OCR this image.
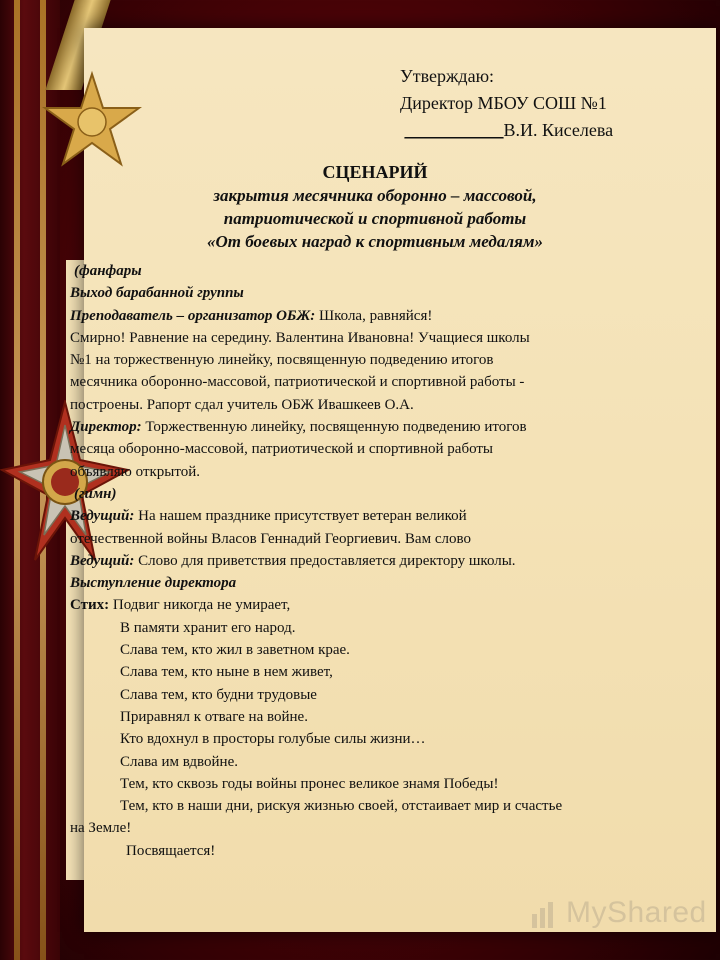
Утверждаю:
Директор МБОУ СОШ №1
___________В.И. Киселева
СЦЕНАРИЙ
закрытия месячника оборонно – массовой,
патриотической и спортивной работы
«От боевых наград к спортивным медалям»

(фанфары

Выход барабанной группы

Преподаватель – организатор ОБЖ: Школа, равняйся!

Смирно! Равнение на середину. Валентина Ивановна! Учащиеся школы

№1 на торжественную линейку, посвященную подведению итогов

месячника оборонно-массовой, патриотической и спортивной работы -

построены. Рапорт сдал учитель ОБЖ Ивашкеев О.А.

Директор: Торжественную линейку, посвященную подведению итогов

месяца оборонно-массовой, патриотической и спортивной работы

объявляю открытой.

(гимн)

Ведущий: На нашем празднике присутствует ветеран великой

отечественной войны Власов Геннадий Георгиевич. Вам слово

Ведущий: Слово для приветствия предоставляется директору школы.

Выступление директора

Стих: Подвиг никогда не умирает,

В памяти хранит его народ.

Слава тем, кто жил в заветном крае.

Слава тем, кто ныне в нем живет,

Слава тем, кто будни трудовые

Приравнял к отваге на войне.

Кто вдохнул в просторы голубые силы жизни…

Слава им вдвойне.

Тем, кто сквозь годы войны пронес великое знамя Победы!

Тем, кто в наши дни, рискуя жизнью своей, отстаивает мир и счастье

на Земле!

Посвящается!

MyShared
